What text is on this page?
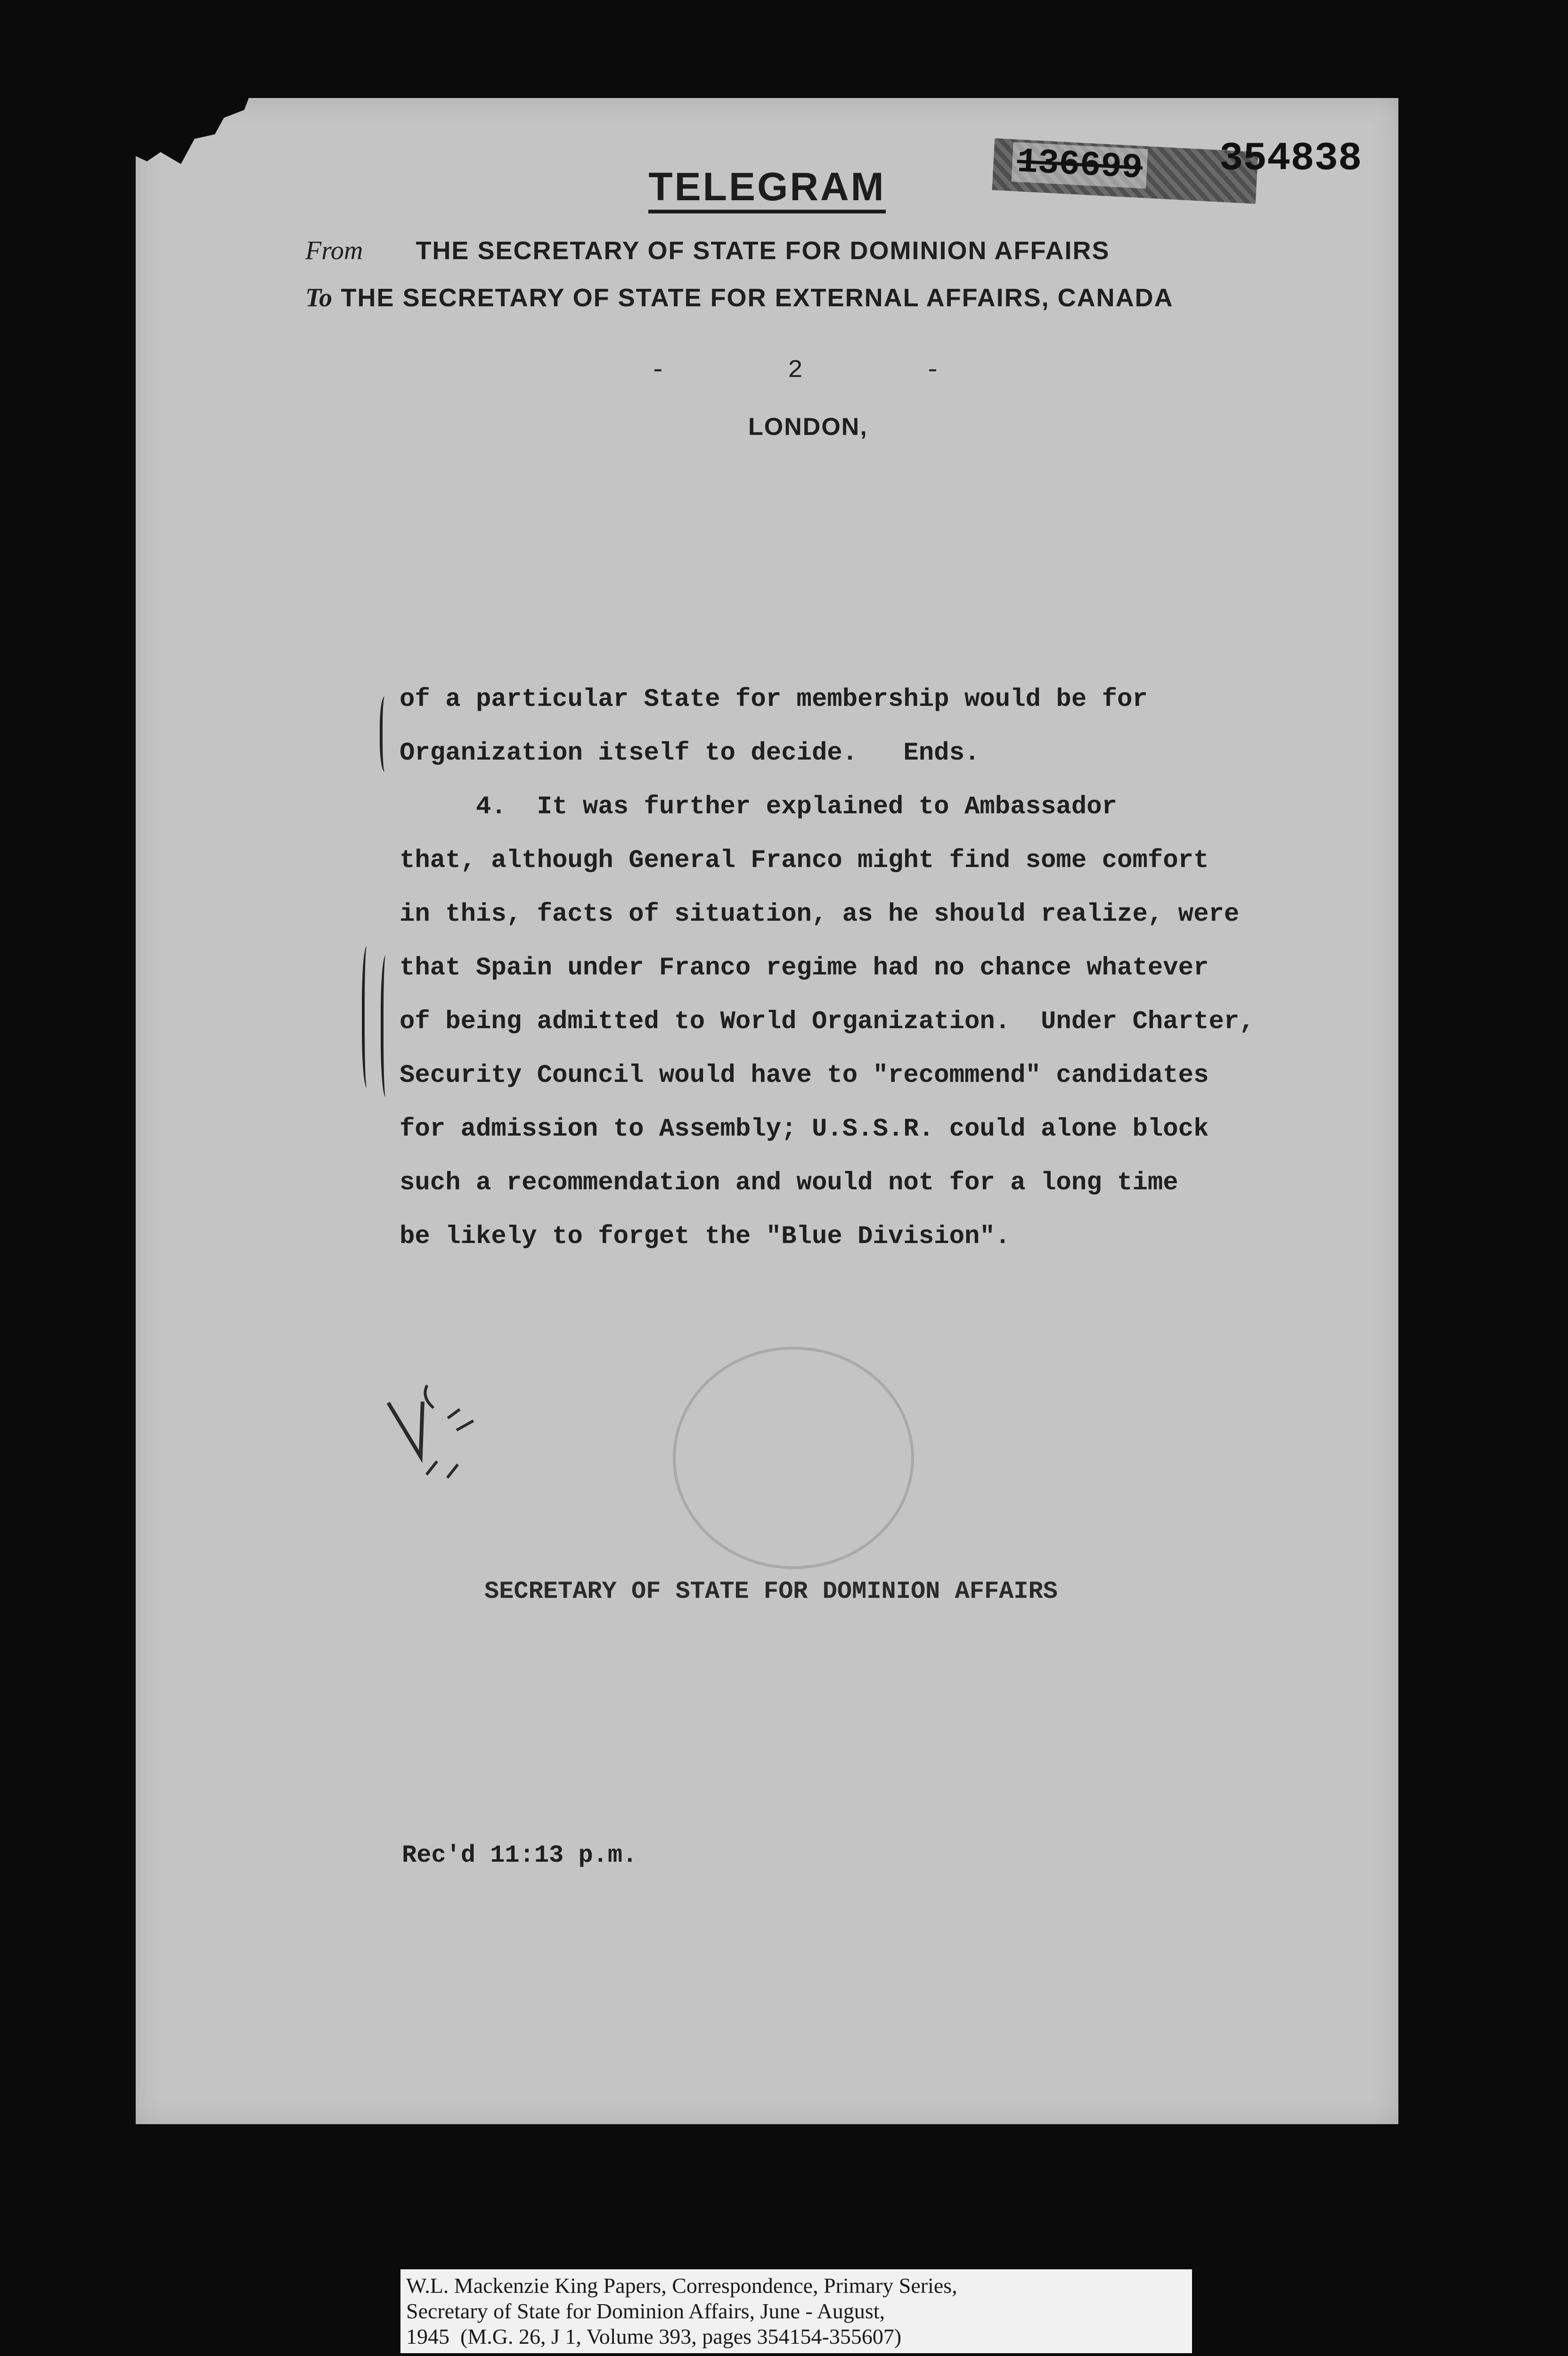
136699 354838
TELEGRAM
From THE SECRETARY OF STATE FOR DOMINION AFFAIRS
To THE SECRETARY OF STATE FOR EXTERNAL AFFAIRS, CANADA
-        2        -
LONDON,
of a particular State for membership would be for
Organization itself to decide.   Ends.
4.  It was further explained to Ambassador
that, although General Franco might find some comfort
in this, facts of situation, as he should realize, were
that Spain under Franco regime had no chance whatever
of being admitted to World Organization.  Under Charter,
Security Council would have to "recommend" candidates
for admission to Assembly; U.S.S.R. could alone block
such a recommendation and would not for a long time
be likely to forget the "Blue Division".
SECRETARY OF STATE FOR DOMINION AFFAIRS
Rec'd 11:13 p.m.
W.L. Mackenzie King Papers, Correspondence, Primary Series,
Secretary of State for Dominion Affairs, June - August,
1945  (M.G. 26, J 1, Volume 393, pages 354154-355607)
